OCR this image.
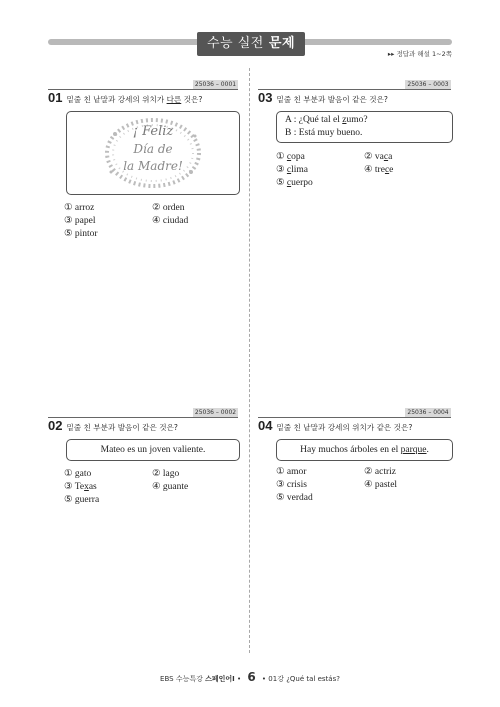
수능 실전 문제
▸▸ 정답과 해설 1~2쪽
25036 – 0001
01 밑줄 친 낱말과 강세의 위치가 다른 것은?
¡ Feliz
Día de
la Madre!
① arroz	② orden
③ papel	④ ciudad
⑤ pintor
25036 – 0003
03 밑줄 친 부분과 발음이 같은 것은?
A : ¿Qué tal el zumo?
B : Está muy bueno.
① copa	② vaca
③ clima	④ trece
⑤ cuerpo
25036 – 0002
02 밑줄 친 부분과 발음이 같은 것은?
Mateo es un joven valiente.
① gato	② lago
③ Texas	④ guante
⑤ guerra
25036 – 0004
04 밑줄 친 낱말과 강세의 위치가 같은 것은?
Hay muchos árboles en el parque.
① amor	② actriz
③ crisis	④ pastel
⑤ verdad
EBS 수능특강 스페인어Ⅰ • 6 • 01강 ¿Qué tal estás?
